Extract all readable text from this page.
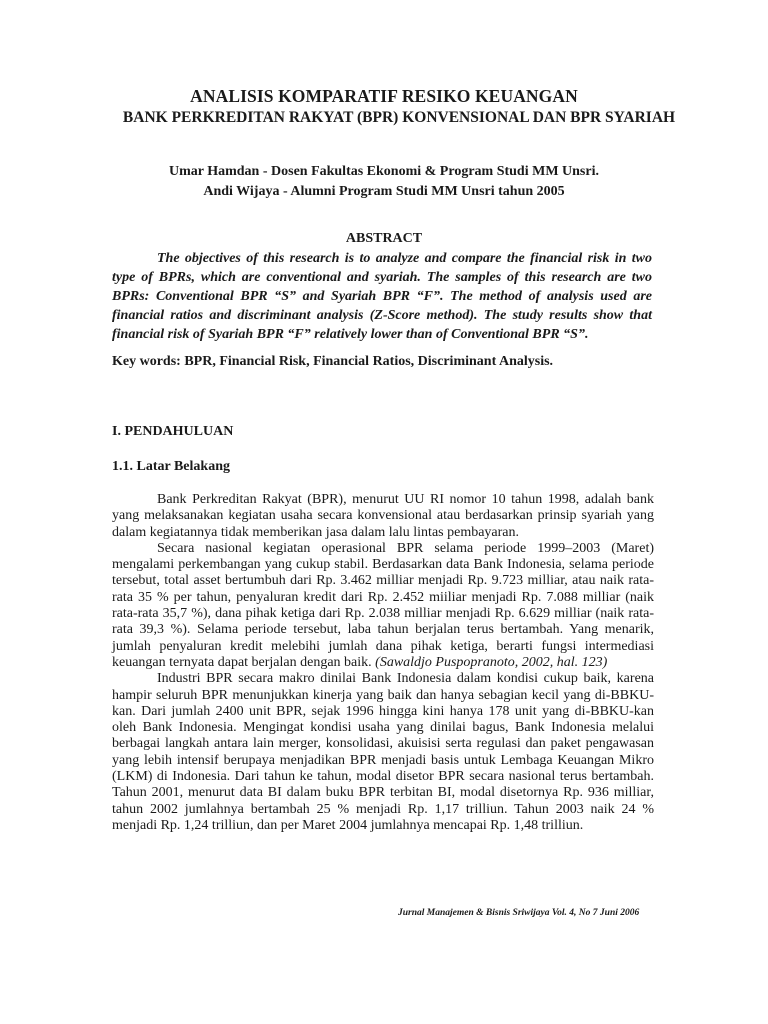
ANALISIS KOMPARATIF RESIKO KEUANGAN
BANK PERKREDITAN RAKYAT (BPR) KONVENSIONAL DAN BPR SYARIAH
Umar Hamdan - Dosen Fakultas Ekonomi & Program Studi MM Unsri.
Andi Wijaya - Alumni Program Studi MM Unsri tahun 2005
ABSTRACT

The objectives of this research is to analyze and compare the financial risk in two type of BPRs, which are conventional and syariah. The samples of this research are two BPRs: Conventional BPR “S” and Syariah BPR “F”. The method of analysis used are financial ratios and discriminant analysis (Z-Score method). The study results show that financial risk of Syariah BPR “F” relatively lower than of Conventional BPR “S”.

Key words: BPR, Financial Risk, Financial Ratios, Discriminant Analysis.

I. PENDAHULUAN
1.1. Latar Belakang

Bank Perkreditan Rakyat (BPR), menurut UU RI nomor 10 tahun 1998, adalah bank yang melaksanakan kegiatan usaha secara konvensional atau berdasarkan prinsip syariah yang dalam kegiatannya tidak memberikan jasa dalam lalu lintas pembayaran.

Secara nasional kegiatan operasional BPR selama periode 1999–2003 (Maret) mengalami perkembangan yang cukup stabil. Berdasarkan data Bank Indonesia, selama periode tersebut, total asset bertumbuh dari Rp. 3.462 milliar menjadi Rp. 9.723 milliar, atau naik rata-rata 35 % per tahun, penyaluran kredit dari Rp. 2.452 miiliar menjadi Rp. 7.088 milliar (naik rata-rata 35,7 %), dana pihak ketiga dari Rp. 2.038 milliar menjadi Rp. 6.629 milliar (naik rata-rata 39,3 %). Selama periode tersebut, laba tahun berjalan terus bertambah. Yang menarik, jumlah penyaluran kredit melebihi jumlah dana pihak ketiga, berarti fungsi intermediasi keuangan ternyata dapat berjalan dengan baik. (Sawaldjo Puspopranoto, 2002, hal. 123)

Industri BPR secara makro dinilai Bank Indonesia dalam kondisi cukup baik, karena hampir seluruh BPR menunjukkan kinerja yang baik dan hanya sebagian kecil yang di-BBKU-kan. Dari jumlah 2400 unit BPR, sejak 1996 hingga kini hanya 178 unit yang di-BBKU-kan oleh Bank Indonesia. Mengingat kondisi usaha yang dinilai bagus, Bank Indonesia melalui berbagai langkah antara lain merger, konsolidasi, akuisisi serta regulasi dan paket pengawasan yang lebih intensif berupaya menjadikan BPR menjadi basis untuk Lembaga Keuangan Mikro (LKM) di Indonesia. Dari tahun ke tahun, modal disetor BPR secara nasional terus bertambah. Tahun 2001, menurut data BI dalam buku BPR terbitan BI, modal disetornya Rp. 936 milliar, tahun 2002 jumlahnya bertambah 25 % menjadi Rp. 1,17 trilliun. Tahun 2003 naik 24 % menjadi Rp. 1,24 trilliun, dan per Maret 2004 jumlahnya mencapai Rp. 1,48 trilliun.

Jurnal Manajemen & Bisnis Sriwijaya Vol. 4, No 7 Juni 2006
